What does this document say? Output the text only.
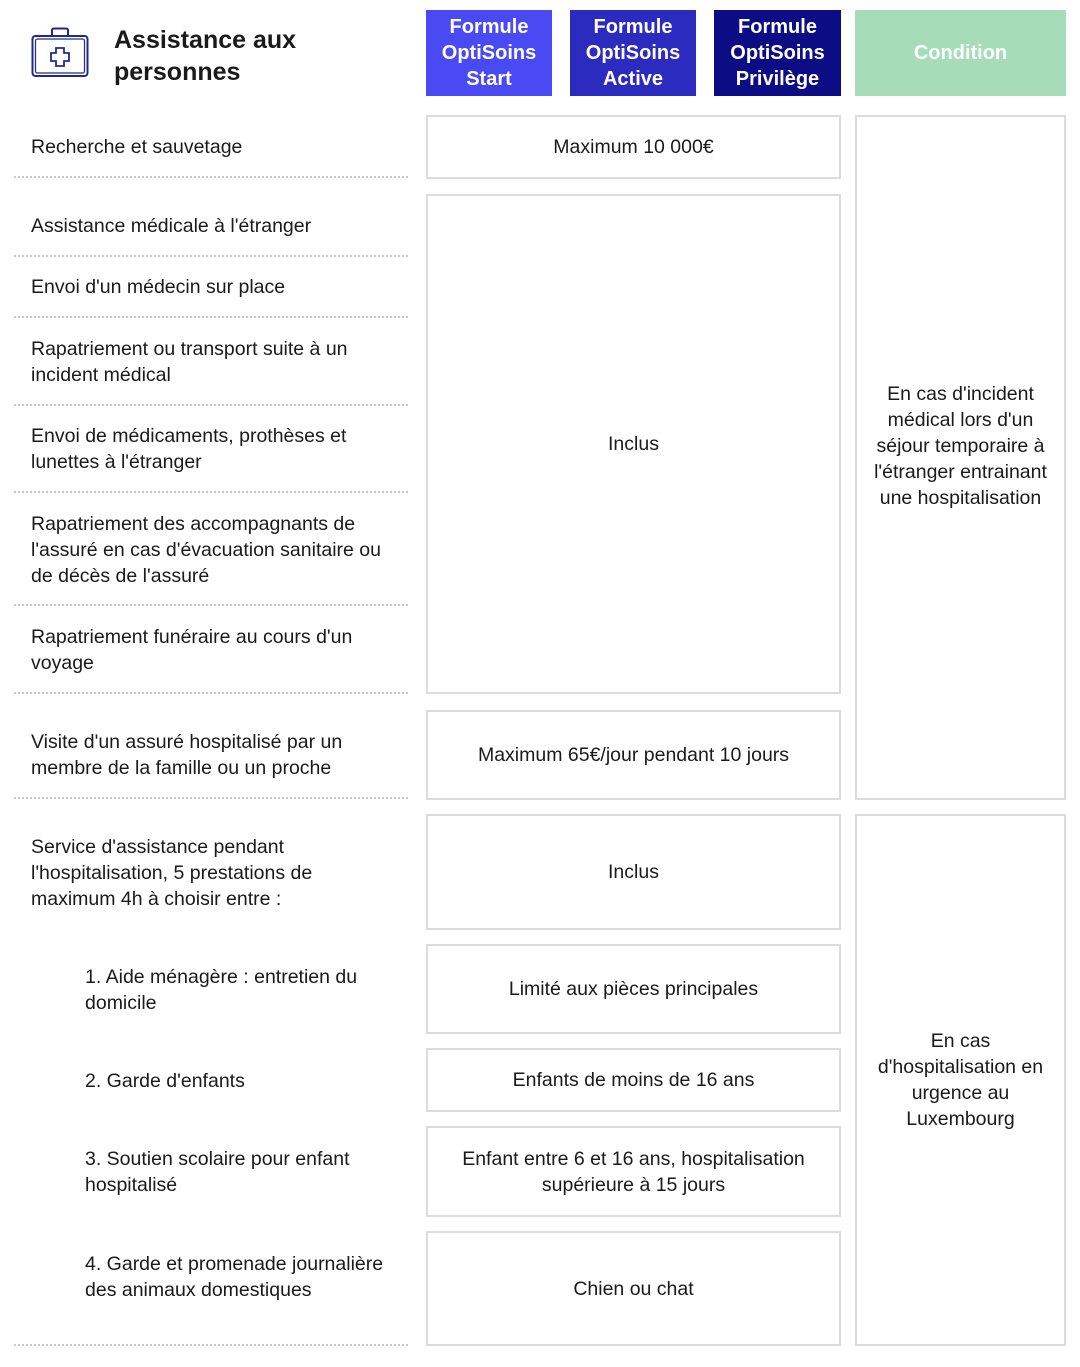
Assistance aux personnes
Formule OptiSoins Start
Formule OptiSoins Active
Formule OptiSoins Privilège
Condition
Recherche et sauvetage
Assistance médicale à l'étranger
Envoi d'un médecin sur place
Rapatriement ou transport suite à un incident médical
Envoi de médicaments, prothèses et lunettes à l'étranger
Rapatriement des accompagnants de l'assuré en cas d'évacuation sanitaire ou de décès de l'assuré
Rapatriement funéraire au cours d'un voyage
Visite d'un assuré hospitalisé par un membre de la famille ou un proche
Service d'assistance pendant l'hospitalisation, 5 prestations de maximum 4h à choisir entre :
1. Aide ménagère : entretien du domicile
2. Garde d'enfants
3. Soutien scolaire pour enfant hospitalisé
4. Garde et promenade journalière des animaux domestiques
Maximum 10 000€
Inclus
Maximum 65€/jour pendant 10 jours
Inclus
Limité aux pièces principales
Enfants de moins de 16 ans
Enfant entre 6 et 16 ans, hospitalisation supérieure à 15 jours
Chien ou chat
En cas d'incident médical lors d'un séjour temporaire à l'étranger entrainant une hospitalisation
En cas d'hospitalisation en urgence au Luxembourg
